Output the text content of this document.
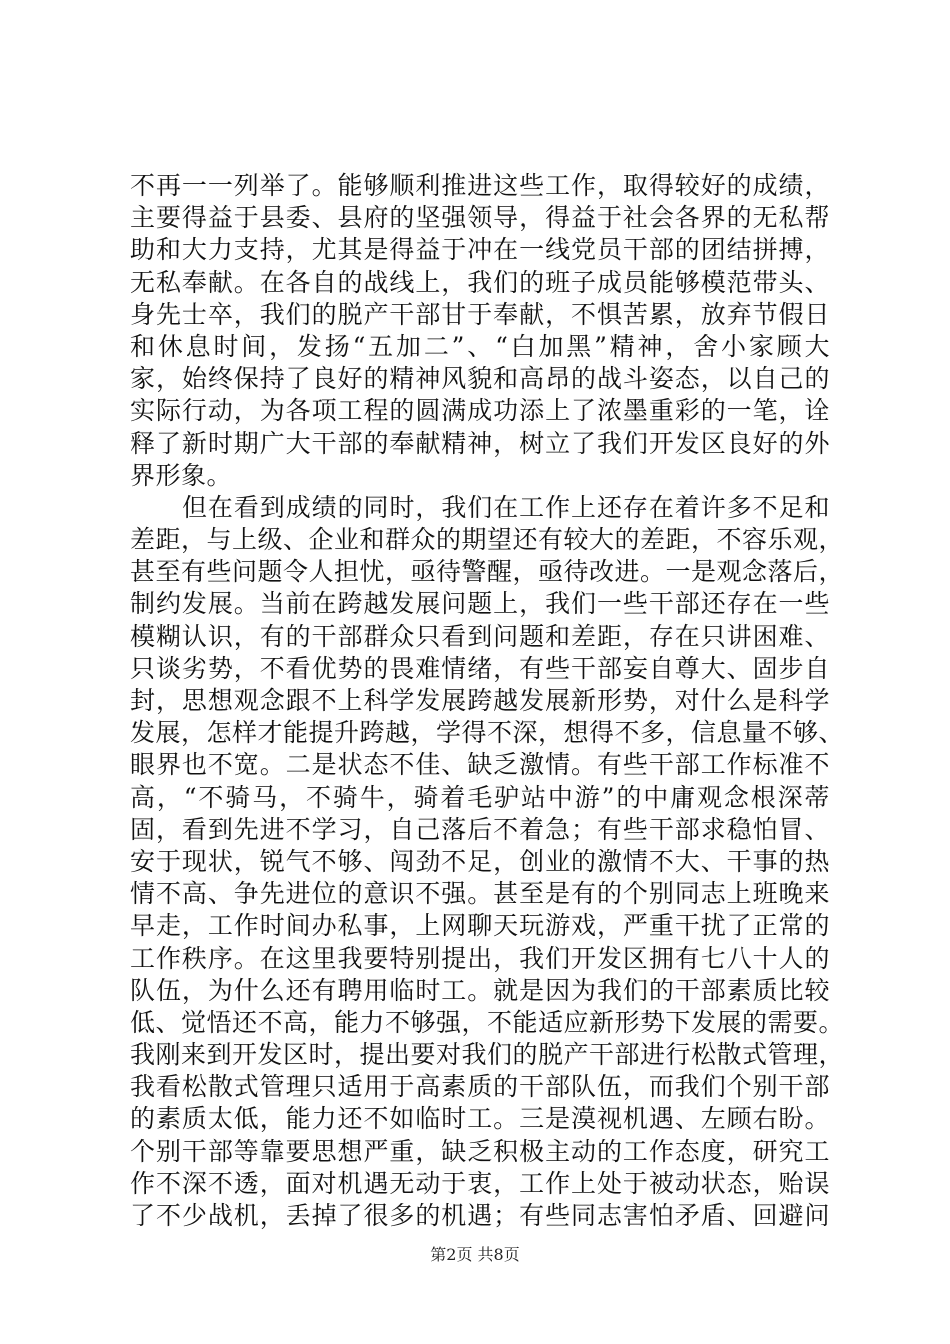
不再一一列举了。能够顺利推进这些工作，取得较好的成绩，
主要得益于县委、县府的坚强领导，得益于社会各界的无私帮
助和大力支持，尤其是得益于冲在一线党员干部的团结拼搏，
无私奉献。在各自的战线上，我们的班子成员能够模范带头、
身先士卒，我们的脱产干部甘于奉献，不惧苦累，放弃节假日
和休息时间，发扬“五加二”、“白加黑”精神，舍小家顾大
家，始终保持了良好的精神风貌和高昂的战斗姿态，以自己的
实际行动，为各项工程的圆满成功添上了浓墨重彩的一笔，诠
释了新时期广大干部的奉献精神，树立了我们开发区良好的外
界形象。
但在看到成绩的同时，我们在工作上还存在着许多不足和
差距，与上级、企业和群众的期望还有较大的差距，不容乐观，
甚至有些问题令人担忧，亟待警醒，亟待改进。一是观念落后，
制约发展。当前在跨越发展问题上，我们一些干部还存在一些
模糊认识，有的干部群众只看到问题和差距，存在只讲困难、
只谈劣势，不看优势的畏难情绪，有些干部妄自尊大、固步自
封，思想观念跟不上科学发展跨越发展新形势，对什么是科学
发展，怎样才能提升跨越，学得不深，想得不多，信息量不够、
眼界也不宽。二是状态不佳、缺乏激情。有些干部工作标准不
高，“不骑马，不骑牛，骑着毛驴站中游”的中庸观念根深蒂
固，看到先进不学习，自己落后不着急；有些干部求稳怕冒、
安于现状，锐气不够、闯劲不足，创业的激情不大、干事的热
情不高、争先进位的意识不强。甚至是有的个别同志上班晚来
早走，工作时间办私事，上网聊天玩游戏，严重干扰了正常的
工作秩序。在这里我要特别提出，我们开发区拥有七八十人的
队伍，为什么还有聘用临时工。就是因为我们的干部素质比较
低、觉悟还不高，能力不够强，不能适应新形势下发展的需要。
我刚来到开发区时，提出要对我们的脱产干部进行松散式管理，
我看松散式管理只适用于高素质的干部队伍，而我们个别干部
的素质太低，能力还不如临时工。三是漠视机遇、左顾右盼。
个别干部等靠要思想严重，缺乏积极主动的工作态度，研究工
作不深不透，面对机遇无动于衷，工作上处于被动状态，贻误
了不少战机，丢掉了很多的机遇；有些同志害怕矛盾、回避问
第2页 共8页
